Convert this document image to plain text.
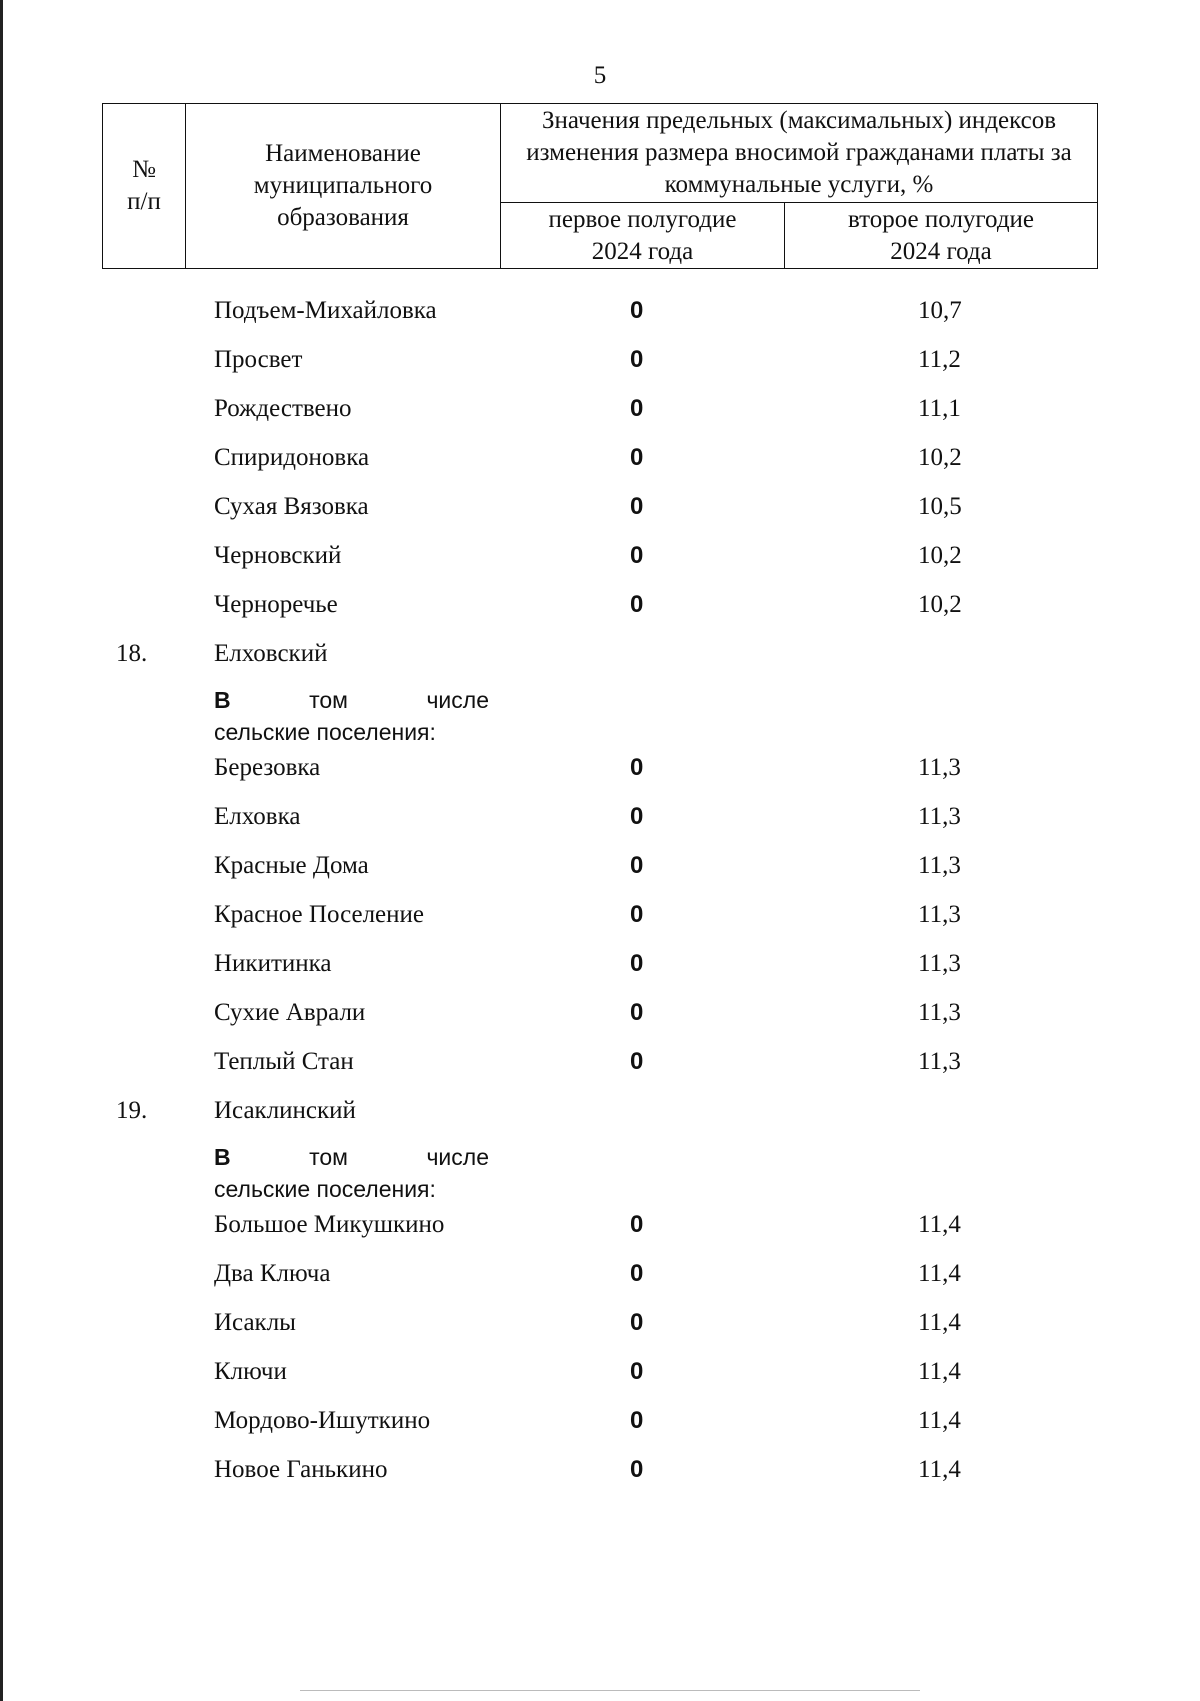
5
№ п/п	Наименование муниципального образования	Значения предельных (максимальных) индексов изменения размера вносимой гражданами платы за коммунальные услуги, %	
		первое полугодие 2024 года	второе полугодие 2024 года
Подъем-Михайловка	0	10,7
Просвет	0	11,2
Рождествено	0	11,1
Спиридоновка	0	10,2
Сухая Вязовка	0	10,5
Черновский	0	10,2
Черноречье	0	10,2
18.	Елховский
В	том	числе
сельские поселения:
Березовка	0	11,3
Елховка	0	11,3
Красные Дома	0	11,3
Красное Поселение	0	11,3
Никитинка	0	11,3
Сухие Аврали	0	11,3
Теплый Стан	0	11,3
19.	Исаклинский
В	том	числе
сельские поселения:
Большое Микушкино	0	11,4
Два Ключа	0	11,4
Исаклы	0	11,4
Ключи	0	11,4
Мордово-Ишуткино	0	11,4
Новое Ганькино	0	11,4
